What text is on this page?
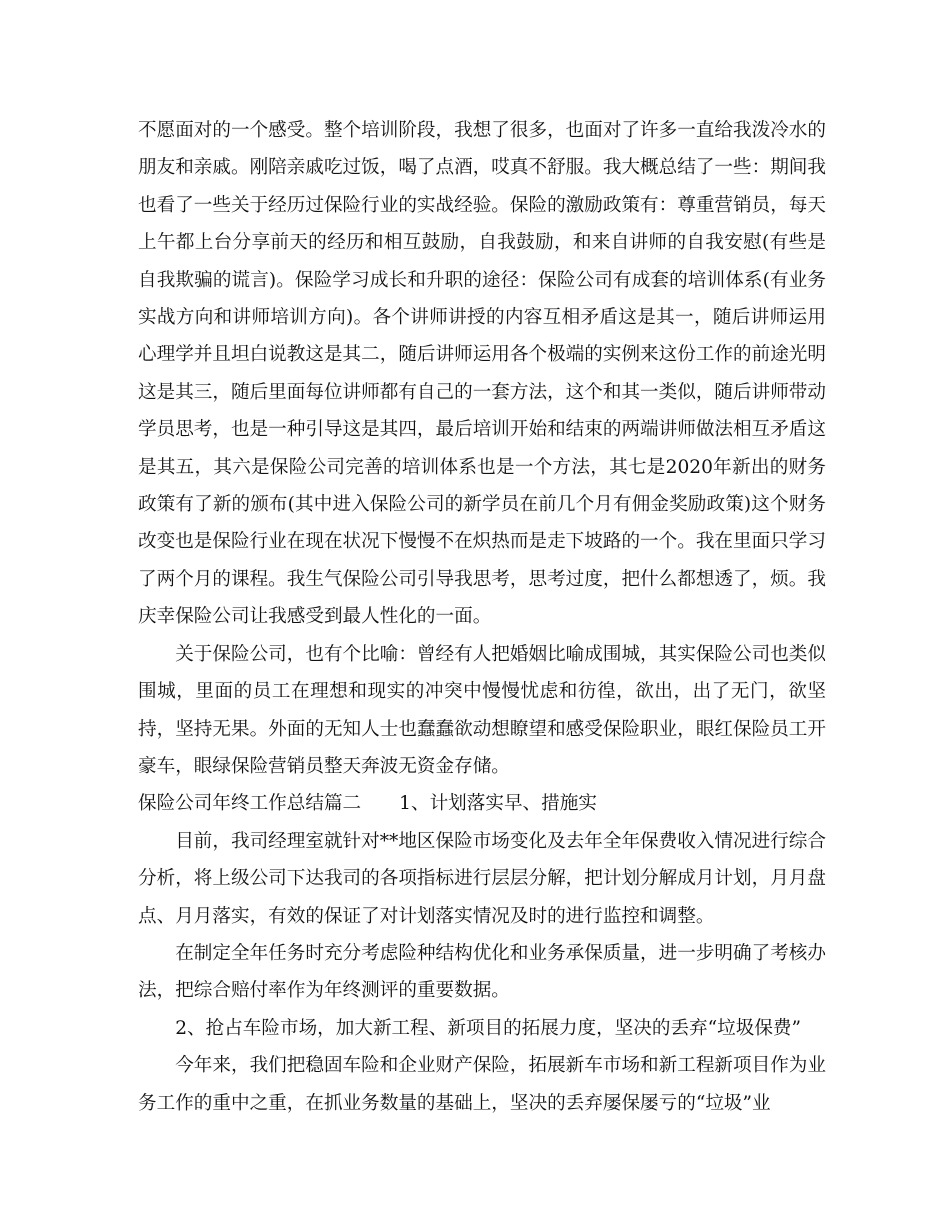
不愿面对的一个感受。整个培训阶段，我想了很多，也面对了许多一直给我泼冷水的朋友和亲戚。刚陪亲戚吃过饭，喝了点酒，哎真不舒服。我大概总结了一些：期间我也看了一些关于经历过保险行业的实战经验。保险的激励政策有：尊重营销员，每天上午都上台分享前天的经历和相互鼓励，自我鼓励，和来自讲师的自我安慰(有些是自我欺骗的谎言)。保险学习成长和升职的途径：保险公司有成套的培训体系(有业务实战方向和讲师培训方向)。各个讲师讲授的内容互相矛盾这是其一，随后讲师运用心理学并且坦白说教这是其二，随后讲师运用各个极端的实例来这份工作的前途光明这是其三，随后里面每位讲师都有自己的一套方法，这个和其一类似，随后讲师带动学员思考，也是一种引导这是其四，最后培训开始和结束的两端讲师做法相互矛盾这是其五，其六是保险公司完善的培训体系也是一个方法，其七是2020年新出的财务政策有了新的颁布(其中进入保险公司的新学员在前几个月有佣金奖励政策)这个财务改变也是保险行业在现在状况下慢慢不在炽热而是走下坡路的一个。我在里面只学习了两个月的课程。我生气保险公司引导我思考，思考过度，把什么都想透了，烦。我庆幸保险公司让我感受到最人性化的一面。

关于保险公司，也有个比喻：曾经有人把婚姻比喻成围城，其实保险公司也类似围城，里面的员工在理想和现实的冲突中慢慢忧虑和彷徨，欲出，出了无门，欲坚持，坚持无果。外面的无知人士也蠢蠢欲动想瞭望和感受保险职业，眼红保险员工开豪车，眼绿保险营销员整天奔波无资金存储。

保险公司年终工作总结篇二 1、计划落实早、措施实

目前，我司经理室就针对**地区保险市场变化及去年全年保费收入情况进行综合分析，将上级公司下达我司的各项指标进行层层分解，把计划分解成月计划，月月盘点、月月落实，有效的保证了对计划落实情况及时的进行监控和调整。

在制定全年任务时充分考虑险种结构优化和业务承保质量，进一步明确了考核办法，把综合赔付率作为年终测评的重要数据。

2、抢占车险市场，加大新工程、新项目的拓展力度，坚决的丢弃“垃圾保费”

今年来，我们把稳固车险和企业财产保险，拓展新车市场和新工程新项目作为业务工作的重中之重，在抓业务数量的基础上，坚决的丢弃屡保屡亏的“垃圾”业
